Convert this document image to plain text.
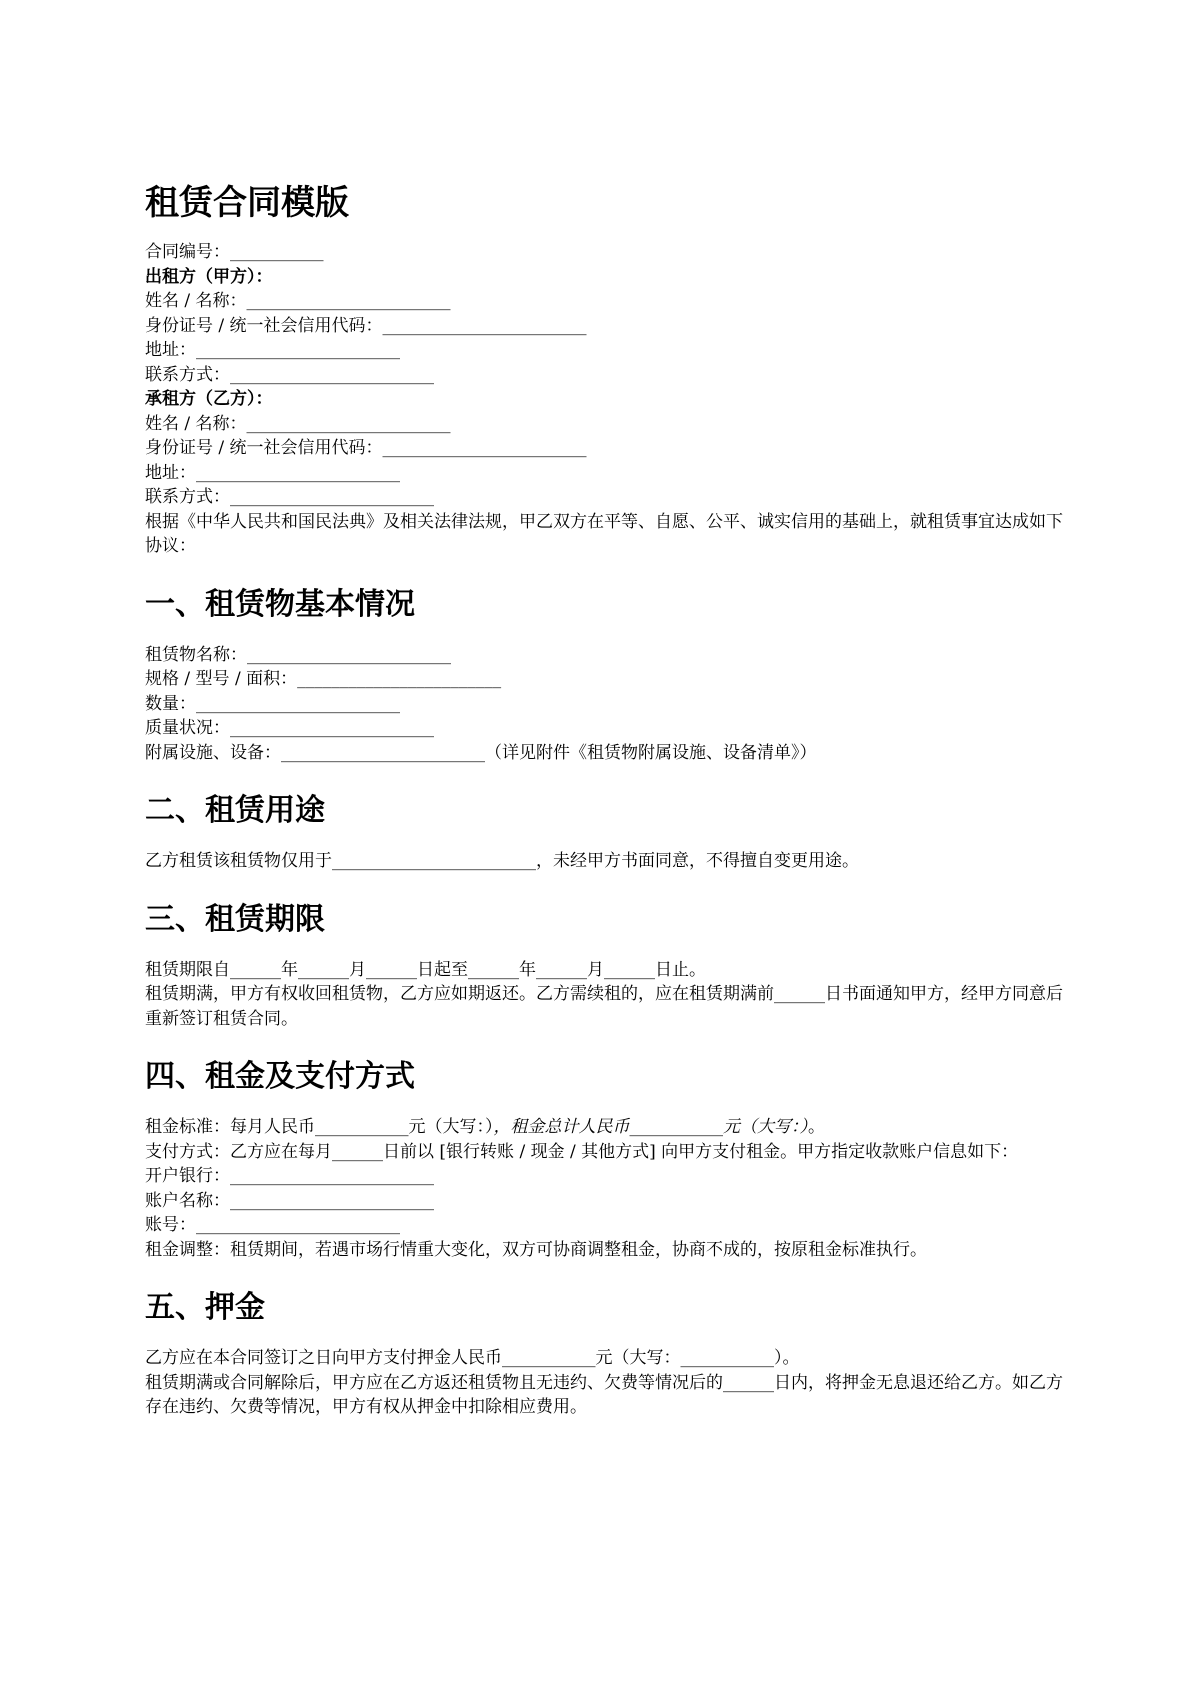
租赁合同模版
合同编号：___________
出租方（甲方）：
姓名 / 名称：________________________
身份证号 / 统一社会信用代码：________________________
地址：________________________
联系方式：________________________
承租方（乙方）：
姓名 / 名称：________________________
身份证号 / 统一社会信用代码：________________________
地址：________________________
联系方式：________________________
根据《中华人民共和国民法典》及相关法律法规，甲乙双方在平等、自愿、公平、诚实信用的基础上，就租赁事宜达成如下协议：
一、租赁物基本情况
租赁物名称：________________________
规格 / 型号 / 面积：________________________
数量：________________________
质量状况：________________________
附属设施、设备：________________________（详见附件《租赁物附属设施、设备清单》）
二、租赁用途
乙方租赁该租赁物仅用于________________________，未经甲方书面同意，不得擅自变更用途。
三、租赁期限
租赁期限自______年______月______日起至______年______月______日止。
租赁期满，甲方有权收回租赁物，乙方应如期返还。乙方需续租的，应在租赁期满前______日书面通知甲方，经甲方同意后重新签订租赁合同。
四、租金及支付方式
租金标准：每月人民币___________元（大写：），租金总计人民币___________元（大写：）。
支付方式：乙方应在每月______日前以 [银行转账 / 现金 / 其他方式] 向甲方支付租金。甲方指定收款账户信息如下：
开户银行：________________________
账户名称：________________________
账号：________________________
租金调整：租赁期间，若遇市场行情重大变化，双方可协商调整租金，协商不成的，按原租金标准执行。
五、押金
乙方应在本合同签订之日向甲方支付押金人民币___________元（大写：___________）。
租赁期满或合同解除后，甲方应在乙方返还租赁物且无违约、欠费等情况后的______日内，将押金无息退还给乙方。如乙方存在违约、欠费等情况，甲方有权从押金中扣除相应费用。
